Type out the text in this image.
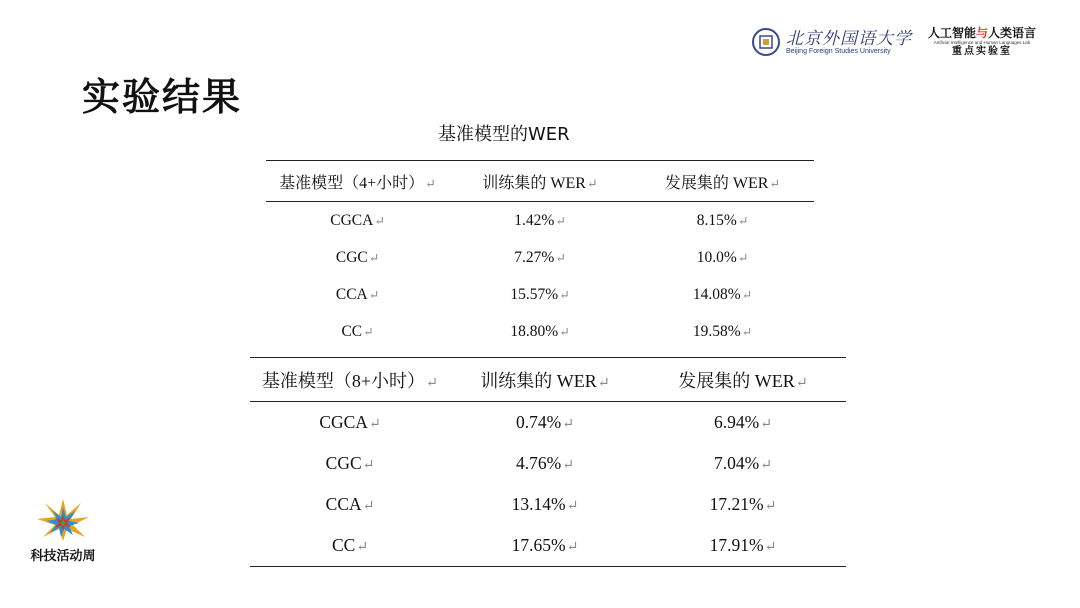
北京外国语大学
Beijing Foreign Studies University
人工智能与人类语言
Artificial Intelligence and Human Languages Lab
重点实验室
实验结果
基准模型的WER
基准模型（4+小时）↵	训练集的 WER↵	发展集的 WER↵
CGCA↵	1.42%↵	8.15%↵
CGC↵	7.27%↵	10.0%↵
CCA↵	15.57%↵	14.08%↵
CC↵	18.80%↵	19.58%↵
基准模型（8+小时）↵	训练集的 WER↵	发展集的 WER↵
CGCA↵	0.74%↵	6.94%↵
CGC↵	4.76%↵	7.04%↵
CCA↵	13.14%↵	17.21%↵
CC↵	17.65%↵	17.91%↵
科技活动周
